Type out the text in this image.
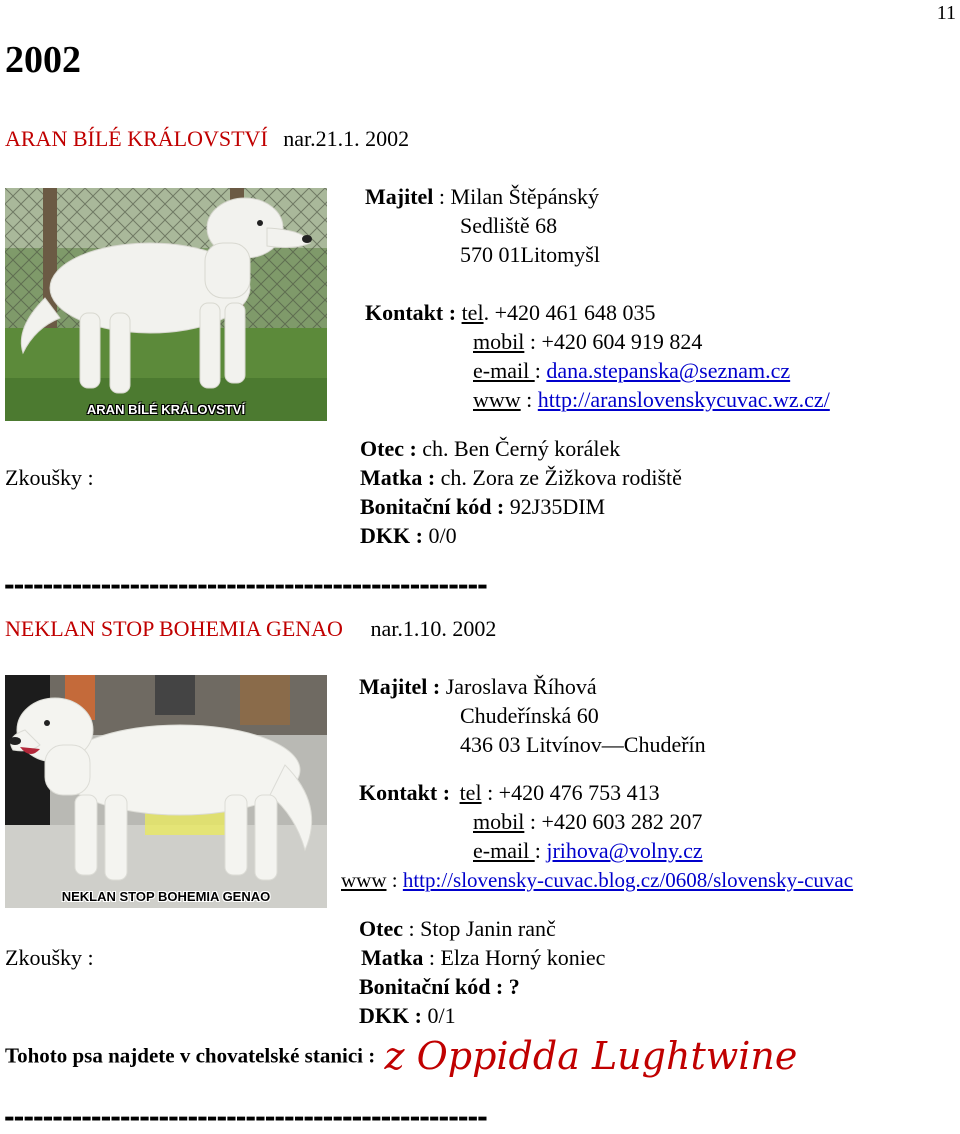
11
2002
ARAN BÍLÉ KRÁLOVSTVÍ nar.21.1. 2002
ARAN BÍLÉ KRÁLOVSTVÍ
Majitel : Milan Štěpánský
Sedliště 68
570 01Litomyšl
Kontakt : tel. +420 461 648 035
mobil : +420 604 919 824
e-mail : dana.stepanska@seznam.cz
www : http://aranslovenskycuvac.wz.cz/
Otec : ch. Ben Černý korálek
Zkoušky :	Matka : ch. Zora ze Žižkova rodiště
Bonitační kód : 92J35DIM
DKK : 0/0
--------------------------------------------------
NEKLAN STOP BOHEMIA GENAO nar.1.10. 2002
NEKLAN STOP BOHEMIA GENAO
Majitel : Jaroslava Říhová
Chudeřínská 60
436 03 Litvínov—Chudeřín
Kontakt : tel : +420 476 753 413
mobil : +420 603 282 207
e-mail : jrihova@volny.cz
www : http://slovensky-cuvac.blog.cz/0608/slovensky-cuvac
Otec : Stop Janin ranč
Zkoušky :	Matka : Elza Horný koniec
Bonitační kód : ?
DKK : 0/1
Tohoto psa najdete v chovatelské stanici : z Oppidda Lughtwine
--------------------------------------------------
